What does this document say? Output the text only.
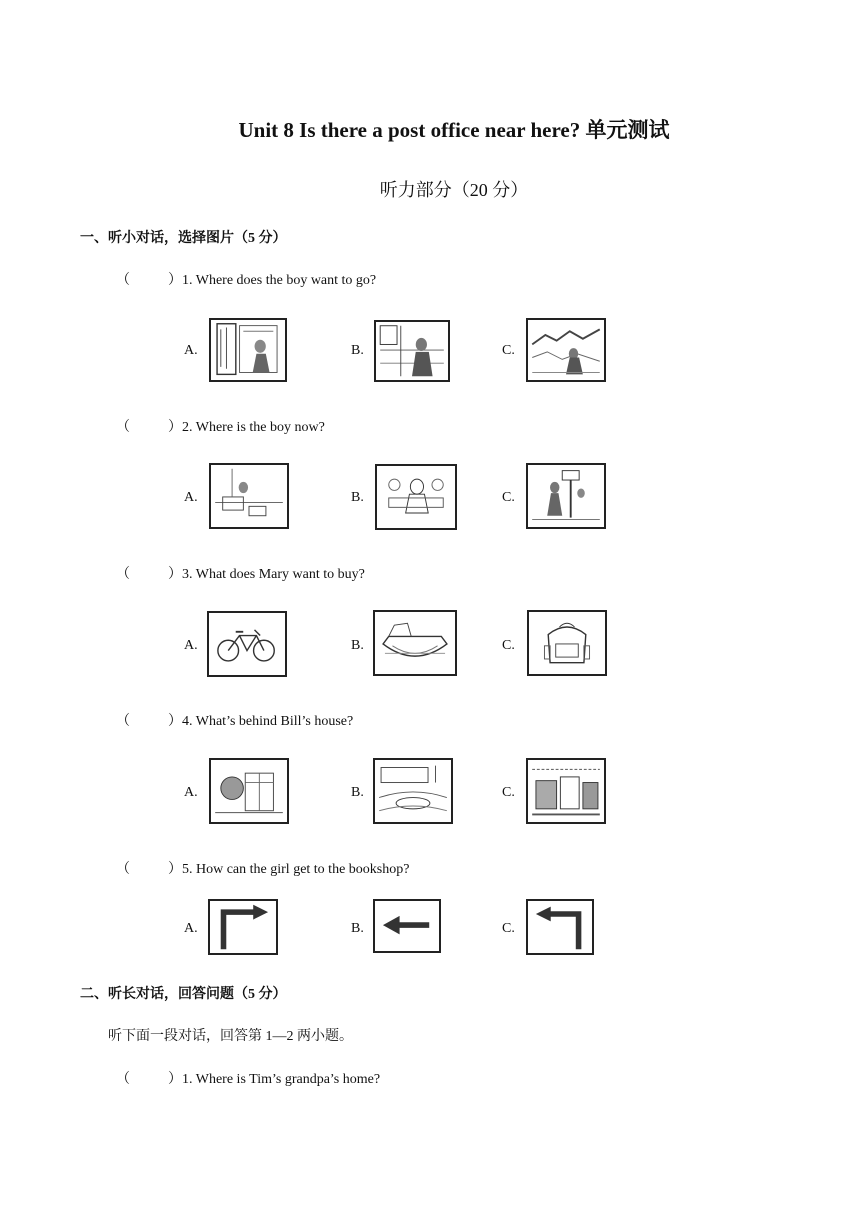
Unit 8 Is there a post office near here? 单元测试
听力部分（20 分）
一、听小对话，选择图片（5 分）
（	）1. Where does the boy want to go?
A.	B.	C.
（	）2. Where is the boy now?
A.	B.	C.
（	）3. What does Mary want to buy?
A.	B.	C.
（	）4. What’s behind Bill’s house?
A.	B.	C.
（	）5. How can the girl get to the bookshop?
A.	B.	C.
二、听长对话，回答问题（5 分）
听下面一段对话，回答第 1—2 两小题。
（	）1. Where is Tim’s grandpa’s home?
